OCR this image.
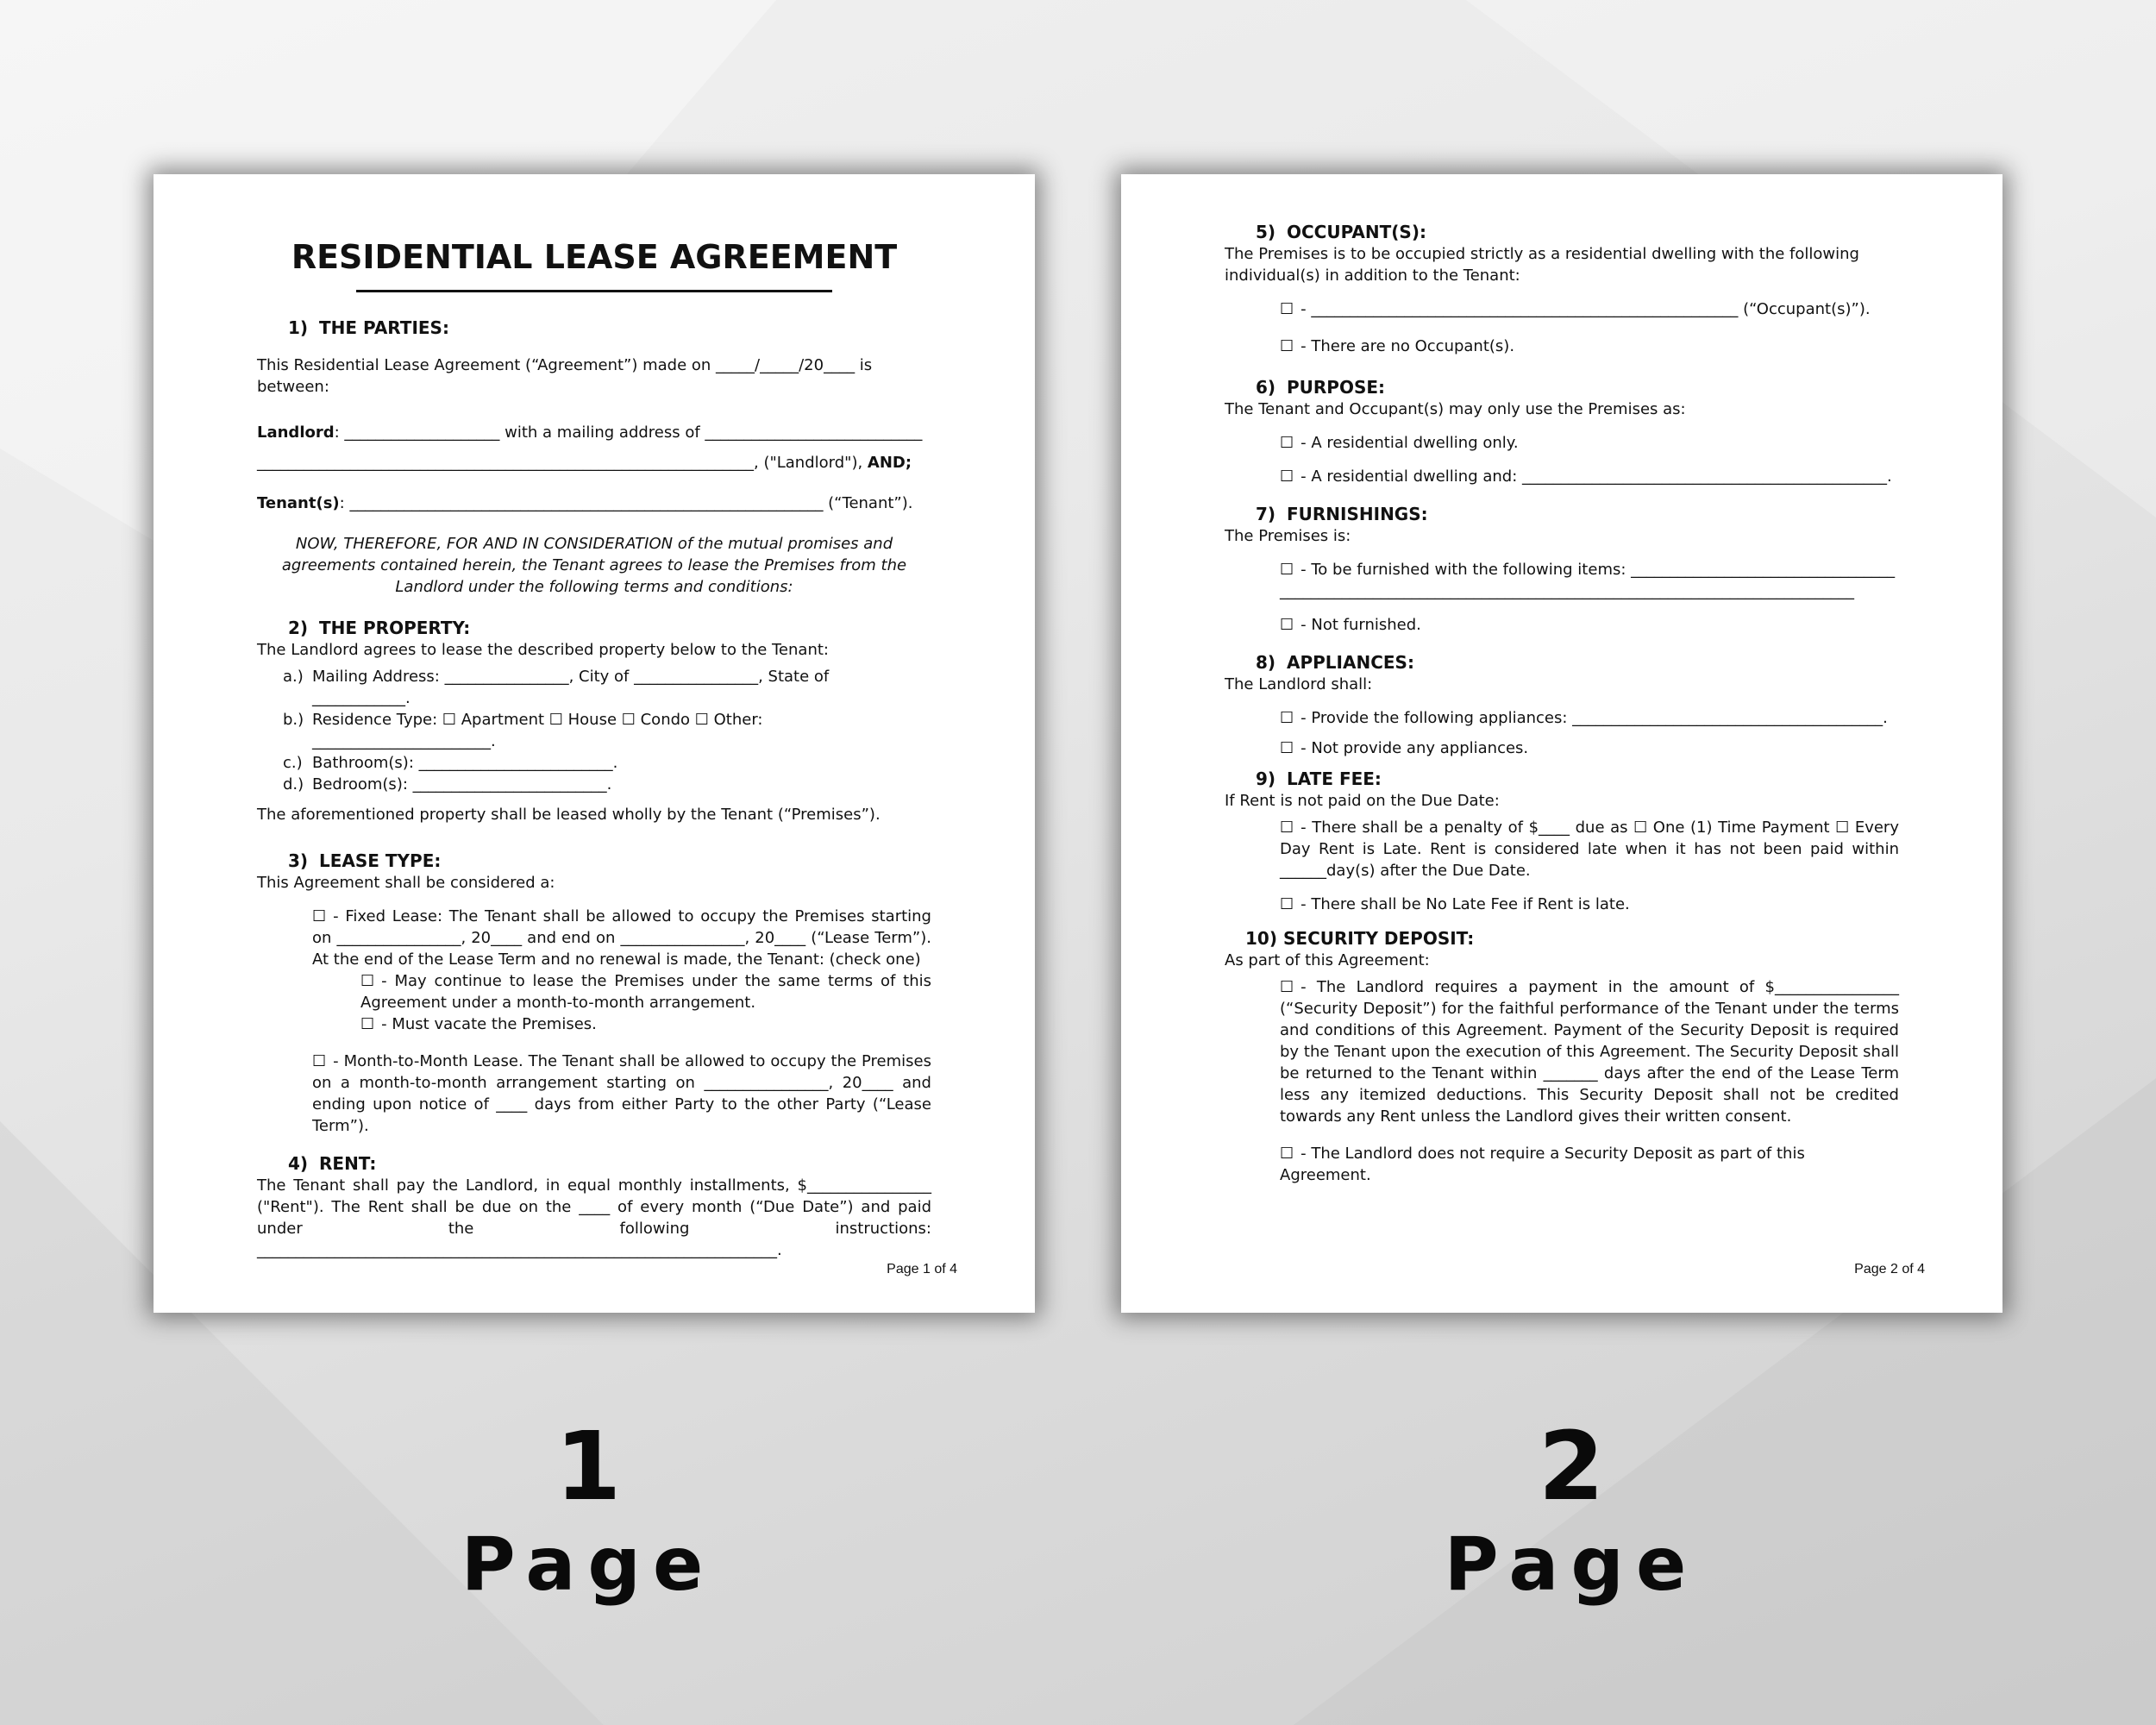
RESIDENTIAL LEASE AGREEMENT
1) THE PARTIES:

This Residential Lease Agreement (“Agreement”) made on _____/_____/20____ is between:

Landlord: ____________________ with a mailing address of ____________________________

________________________________________________________________, ("Landlord"), AND;

Tenant(s): _____________________________________________________________ (“Tenant”).

NOW, THEREFORE, FOR AND IN CONSIDERATION of the mutual promises and agreements contained herein, the Tenant agrees to lease the Premises from the Landlord under the following terms and conditions:

2) THE PROPERTY:

The Landlord agrees to lease the described property below to the Tenant:

a.) Mailing Address: ________________, City of ________________, State of ____________.
b.) Residence Type: ☐ Apartment ☐ House ☐ Condo ☐ Other: _______________________.
c.) Bathroom(s): _________________________.
d.) Bedroom(s): _________________________.

The aforementioned property shall be leased wholly by the Tenant (“Premises”).

3) LEASE TYPE:

This Agreement shall be considered a:

☐ - Fixed Lease: The Tenant shall be allowed to occupy the Premises starting on ________________, 20____ and end on ________________, 20____ (“Lease Term”). At the end of the Lease Term and no renewal is made, the Tenant: (check one)

☐ - May continue to lease the Premises under the same terms of this Agreement under a month-to-month arrangement.

☐ - Must vacate the Premises.

☐ - Month-to-Month Lease. The Tenant shall be allowed to occupy the Premises on a month-to-month arrangement starting on ________________, 20____ and ending upon notice of ____ days from either Party to the other Party (“Lease Term”).

4) RENT:

The Tenant shall pay the Landlord, in equal monthly installments, $________________ ("Rent"). The Rent shall be due on the ____ of every month (“Due Date”) and paid under the following instructions: ___________________________________________________________________.

Page 1 of 4
5) OCCUPANT(S):

The Premises is to be occupied strictly as a residential dwelling with the following individual(s) in addition to the Tenant:

☐ - _______________________________________________________ (“Occupant(s)”).

☐ - There are no Occupant(s).

6) PURPOSE:

The Tenant and Occupant(s) may only use the Premises as:

☐ - A residential dwelling only.

☐ - A residential dwelling and: _______________________________________________.

7) FURNISHINGS:

The Premises is:

☐ - To be furnished with the following items: __________________________________

__________________________________________________________________________

☐ - Not furnished.

8) APPLIANCES:

The Landlord shall:

☐ - Provide the following appliances: ________________________________________.

☐ - Not provide any appliances.

9) LATE FEE:

If Rent is not paid on the Due Date:

☐ - There shall be a penalty of $____ due as ☐ One (1) Time Payment ☐ Every Day Rent is Late. Rent is considered late when it has not been paid within ______day(s) after the Due Date.

☐ - There shall be No Late Fee if Rent is late.

10) SECURITY DEPOSIT:

As part of this Agreement:

☐ - The Landlord requires a payment in the amount of $________________ (“Security Deposit”) for the faithful performance of the Tenant under the terms and conditions of this Agreement. Payment of the Security Deposit is required by the Tenant upon the execution of this Agreement. The Security Deposit shall be returned to the Tenant within _______ days after the end of the Lease Term less any itemized deductions. This Security Deposit shall not be credited towards any Rent unless the Landlord gives their written consent.

☐ - The Landlord does not require a Security Deposit as part of this Agreement.

Page 2 of 4
1
Page
2
Page
